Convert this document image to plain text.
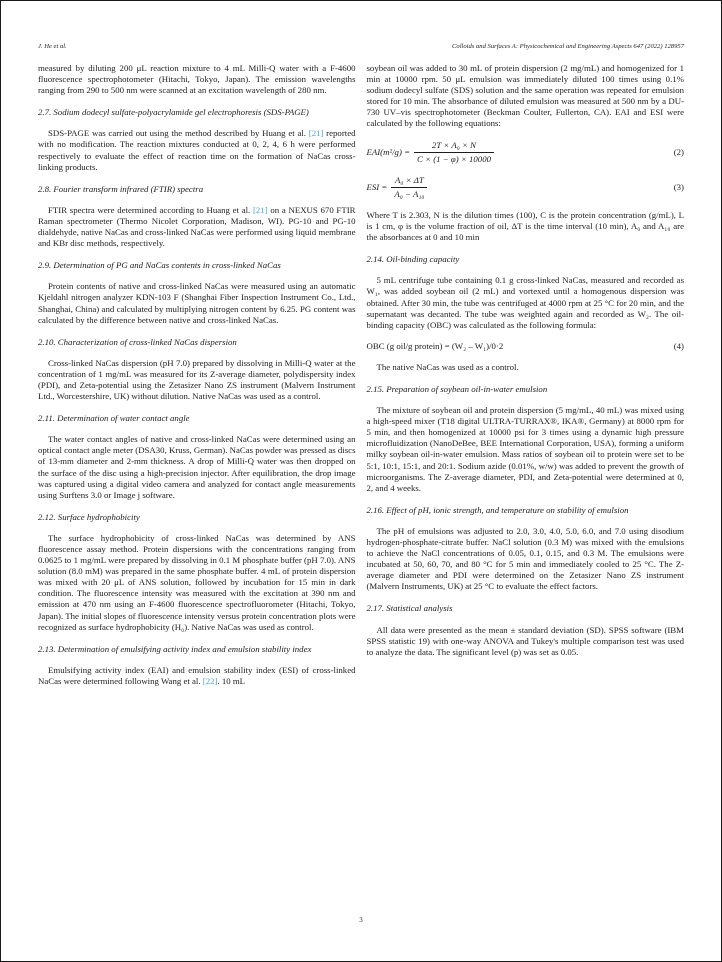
J. He et al.	Colloids and Surfaces A: Physicochemical and Engineering Aspects 647 (2022) 128957

measured by diluting 200 μL reaction mixture to 4 mL Milli-Q water with a F-4600 fluorescence spectrophotometer (Hitachi, Tokyo, Japan). The emission wavelengths ranging from 290 to 500 nm were scanned at an excitation wavelength of 280 nm.

2.7. Sodium dodecyl sulfate-polyacrylamide gel electrophoresis (SDS-PAGE)

SDS-PAGE was carried out using the method described by Huang et al. [21] reported with no modification. The reaction mixtures conducted at 0, 2, 4, 6 h were performed respectively to evaluate the effect of reaction time on the formation of NaCas cross-linking products.

2.8. Fourier transform infrared (FTIR) spectra

FTIR spectra were determined according to Huang et al. [21] on a NEXUS 670 FTIR Raman spectrometer (Thermo Nicolet Corporation, Madison, WI). PG-10 and PG-10 dialdehyde, native NaCas and cross-linked NaCas were performed using liquid membrane and KBr disc methods, respectively.

2.9. Determination of PG and NaCas contents in cross-linked NaCas

Protein contents of native and cross-linked NaCas were measured using an automatic Kjeldahl nitrogen analyzer KDN-103 F (Shanghai Fiber Inspection Instrument Co., Ltd., Shanghai, China) and calculated by multiplying nitrogen content by 6.25. PG content was calculated by the difference between native and cross-linked NaCas.

2.10. Characterization of cross-linked NaCas dispersion

Cross-linked NaCas dispersion (pH 7.0) prepared by dissolving in Milli-Q water at the concentration of 1 mg/mL was measured for its Z-average diameter, polydispersity index (PDI), and Zeta-potential using the Zetasizer Nano ZS instrument (Malvern Instrument Ltd., Worcestershire, UK) without dilution. Native NaCas was used as a control.

2.11. Determination of water contact angle

The water contact angles of native and cross-linked NaCas were determined using an optical contact angle meter (DSA30, Kruss, German). NaCas powder was pressed as discs of 13-mm diameter and 2-mm thickness. A drop of Milli-Q water was then dropped on the surface of the disc using a high-precision injector. After equilibration, the drop image was captured using a digital video camera and analyzed for contact angle measurements using Surftens 3.0 or Image j software.

2.12. Surface hydrophobicity

The surface hydrophobicity of cross-linked NaCas was determined by ANS fluorescence assay method. Protein dispersions with the concentrations ranging from 0.0625 to 1 mg/mL were prepared by dissolving in 0.1 M phosphate buffer (pH 7.0). ANS solution (8.0 mM) was prepared in the same phosphate buffer. 4 mL of protein dispersion was mixed with 20 μL of ANS solution, followed by incubation for 15 min in dark condition. The fluorescence intensity was measured with the excitation at 390 nm and emission at 470 nm using an F-4600 fluorescence spectrofluorometer (Hitachi, Tokyo, Japan). The initial slopes of fluorescence intensity versus protein concentration plots were recognized as surface hydrophobicity (H₀). Native NaCas was used as control.

2.13. Determination of emulsifying activity index and emulsion stability index

Emulsifying activity index (EAI) and emulsion stability index (ESI) of cross-linked NaCas were determined following Wang et al. [22]. 10 mL

soybean oil was added to 30 mL of protein dispersion (2 mg/mL) and homogenized for 1 min at 10000 rpm. 50 μL emulsion was immediately diluted 100 times using 0.1% sodium dodecyl sulfate (SDS) solution and the same operation was repeated for emulsion stored for 10 min. The absorbance of diluted emulsion was measured at 500 nm by a DU-730 UV–vis spectrophotometer (Beckman Coulter, Fullerton, CA). EAI and ESI were calculated by the following equations:

$EAI(m^2/g) = \frac{\text{2T × A₀ × N}}{C \times (1 - \varphi) \times 10000}$	(2)
ESI = $\frac{\text{A₀ × ΔT}}{\text{A₀ − A₁₀}}$	(3)

Where T is 2.303, N is the dilution times (100), C is the protein concentration (g/mL), L is 1 cm, φ is the volume fraction of oil, ΔT is the time interval (10 min), A₀ and A₁₀ are the absorbances at 0 and 10 min

2.14. Oil-binding capacity

5 mL centrifuge tube containing 0.1 g cross-linked NaCas, measured and recorded as W₁, was added soybean oil (2 mL) and vortexed until a homogenous dispersion was obtained. After 30 min, the tube was centrifuged at 4000 rpm at 25 °C for 20 min, and the supernatant was decanted. The tube was weighted again and recorded as W₂. The oil-binding capacity (OBC) was calculated as the following formula:

OBC (g oil/g protein) = (W₂ – W₁)/0·2	(4)

The native NaCas was used as a control.

2.15. Preparation of soybean oil-in-water emulsion

The mixture of soybean oil and protein dispersion (5 mg/mL, 40 mL) was mixed using a high-speed mixer (T18 digital ULTRA-TURRAX®, IKA®, Germany) at 8000 rpm for 5 min, and then homogenized at 10000 psi for 3 times using a dynamic high pressure microfluidization (NanoDeBee, BEE International Corporation, USA), forming a uniform milky soybean oil-in-water emulsion. Mass ratios of soybean oil to protein were set to be 5:1, 10:1, 15:1, and 20:1. Sodium azide (0.01%, w/w) was added to prevent the growth of microorganisms. The Z-average diameter, PDI, and Zeta-potential were determined at 0, 2, and 4 weeks.

2.16. Effect of pH, ionic strength, and temperature on stability of emulsion

The pH of emulsions was adjusted to 2.0, 3.0, 4.0, 5.0, 6.0, and 7.0 using disodium hydrogen-phosphate-citrate buffer. NaCl solution (0.3 M) was mixed with the emulsions to achieve the NaCl concentrations of 0.05, 0.1, 0.15, and 0.3 M. The emulsions were incubated at 50, 60, 70, and 80 °C for 5 min and immediately cooled to 25 °C. The Z-average diameter and PDI were determined on the Zetasizer Nano ZS instrument (Malvern Instruments, UK) at 25 °C to evaluate the effect factors.

2.17. Statistical analysis

All data were presented as the mean ± standard deviation (SD). SPSS software (IBM SPSS statistic 19) with one-way ANOVA and Tukey's multiple comparison test was used to analyze the data. The significant level (p) was set as 0.05.

3
